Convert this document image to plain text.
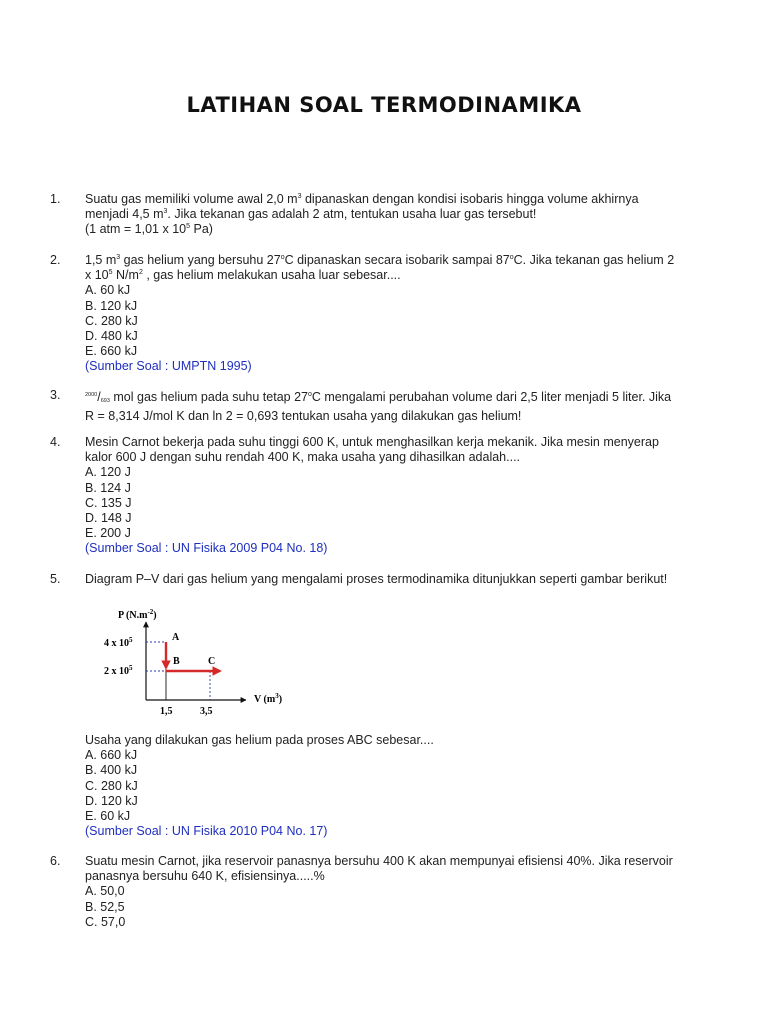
LATIHAN SOAL TERMODINAMIKA
1. Suatu gas memiliki volume awal 2,0 $m^3$ dipanaskan dengan kondisi isobaris hingga volume akhirnya
menjadi 4,5 $m^3$. Jika tekanan gas adalah 2 atm, tentukan usaha luar gas tersebut!
(1 atm = 1,01 x $10^5$ Pa)
2. 1,5 $m^3$ gas helium yang bersuhu 27$^o$C dipanaskan secara isobarik sampai 87$^o$C. Jika tekanan gas helium 2
x $10^5$ $N/m^2$ , gas helium melakukan usaha luar sebesar....
A. 60 kJ
B. 120 kJ
C. 280 kJ
D. 480 kJ
E. 660 kJ
(Sumber Soal : UMPTN 1995)
3.	$^{2000}$/693 mol gas helium pada suhu tetap 27$^o$C mengalami perubahan volume dari 2,5 liter menjadi 5 liter. Jika
R = 8,314 J/mol K dan ln 2 = 0,693 tentukan usaha yang dilakukan gas helium!
4. Mesin Carnot bekerja pada suhu tinggi 600 K, untuk menghasilkan kerja mekanik. Jika mesin menyerap
kalor 600 J dengan suhu rendah 400 K, maka usaha yang dihasilkan adalah....
A. 120 J
B. 124 J
C. 135 J
D. 148 J
E. 200 J
(Sumber Soal : UN Fisika 2009 P04 No. 18)
5. Diagram P–V dari gas helium yang mengalami proses termodinamika ditunjukkan seperti gambar berikut!
P $(N.m^{-2})$
4 x $10^5$
2 x $10^5$
A
B	C
1,5	3,5
V $(m^3)$
Usaha yang dilakukan gas helium pada proses ABC sebesar....
A. 660 kJ
B. 400 kJ
C. 280 kJ
D. 120 kJ
E. 60 kJ
(Sumber Soal : UN Fisika 2010 P04 No. 17)
6. Suatu mesin Carnot, jika reservoir panasnya bersuhu 400 K akan mempunyai efisiensi 40%. Jika reservoir
panasnya bersuhu 640 K, efisiensinya.....%
A. 50,0
B. 52,5
C. 57,0
